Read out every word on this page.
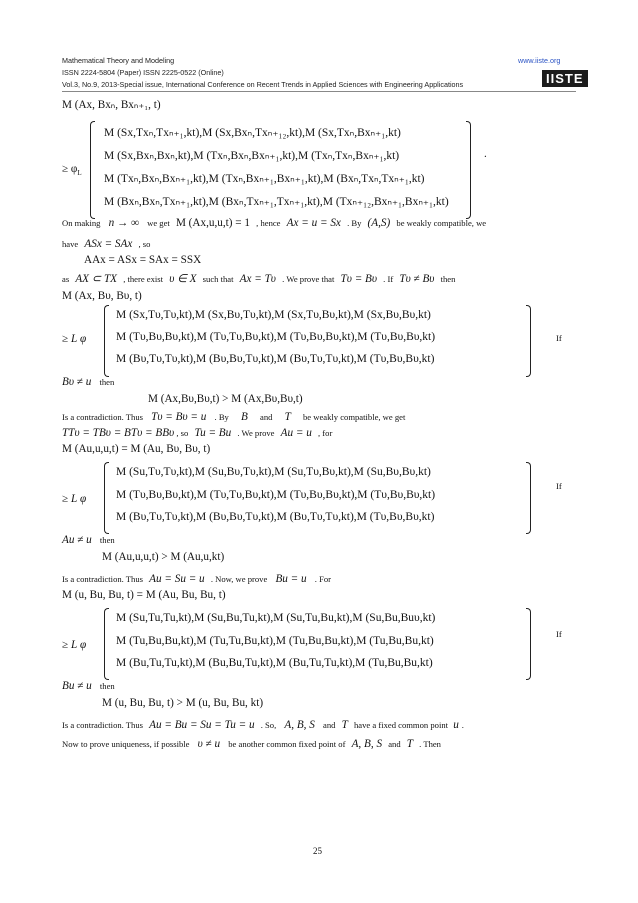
Mathematical Theory and Modeling	www.iiste.org
ISSN 2224-5804 (Paper) ISSN 2225-0522 (Online)
Vol.3, No.9, 2013-Special issue, International Conference on Recent Trends in Applied Sciences with Engineering Applications	IISTE
M (Ax, Bxₙ, Bxₙ₊₁, t)
≥ $\varphi_L$
M (Sx,Txₙ,Txₙ₊₁,kt),M (Sx,Bxₙ,Txₙ₊₁₂,kt),M (Sx,Txₙ,Bxₙ₊₁,kt)
M (Sx,Bxₙ,Bxₙ,kt),M (Txₙ,Bxₙ,Bxₙ₊₁,kt),M (Txₙ,Txₙ,Bxₙ₊₁,kt)
M (Txₙ,Bxₙ,Bxₙ₊₁,kt),M (Txₙ,Bxₙ₊₁,Bxₙ₊₁,kt),M (Bxₙ,Txₙ,Txₙ₊₁,kt)
M (Bxₙ,Bxₙ,Txₙ₊₁,kt),M (Bxₙ,Txₙ₊₁,Txₙ₊₁,kt),M (Txₙ₊₁₂,Bxₙ₊₁,Bxₙ₊₁,kt)
.
On making n → ∞ we get M (Ax,u,u,t) = 1 , hence Ax = u = Sx . By (A,S) be weakly compatible, we
have ASx = SAx , so
AAx = ASx = SAx = SSX
as AX ⊂ TX , there exist υ ∈ X such that Ax = Tυ . We prove that Tυ = Bυ . If Tυ ≠ Bυ then
M (Ax, Bυ, Bυ, t)
≥ L φ
M (Sx,Tυ,Tυ,kt),M (Sx,Bυ,Tυ,kt),M (Sx,Tυ,Bυ,kt),M (Sx,Bυ,Bυ,kt)
M (Tυ,Bυ,Bυ,kt),M (Tυ,Tυ,Bυ,kt),M (Tυ,Bυ,Bυ,kt),M (Tυ,Bυ,Bυ,kt)
M (Bυ,Tυ,Tυ,kt),M (Bυ,Bυ,Tυ,kt),M (Bυ,Tυ,Tυ,kt),M (Tυ,Bυ,Bυ,kt)
If
Bυ ≠ u then
M (Ax,Bυ,Bυ,t) > M (Ax,Bυ,Bυ,t)
Is a contradiction. Thus Tυ = Bυ = u . By B and T be weakly compatible, we get
TTυ = TBυ = BTυ = BBυ , so Tu = Bu . We prove Au = u , for
M (Au,u,u,t) = M (Au, Bυ, Bυ, t)
≥ L φ
M (Su,Tυ,Tυ,kt),M (Su,Bυ,Tυ,kt),M (Su,Tυ,Bυ,kt),M (Su,Bυ,Bυ,kt)
M (Tυ,Bυ,Bυ,kt),M (Tυ,Tυ,Bυ,kt),M (Tυ,Bυ,Bυ,kt),M (Tυ,Bυ,Bυ,kt)
M (Bυ,Tυ,Tυ,kt),M (Bυ,Bυ,Tυ,kt),M (Bυ,Tυ,Tυ,kt),M (Tυ,Bυ,Bυ,kt)
If
Au ≠ u then
M (Au,u,u,t) > M (Au,u,kt)
Is a contradiction. Thus Au = Su = u . Now, we prove Bu = u . For
M (u, Bu, Bu, t) = M (Au, Bu, Bu, t)
≥ L φ
M (Su,Tu,Tu,kt),M (Su,Bu,Tu,kt),M (Su,Tu,Bu,kt),M (Su,Bu,Buυ,kt)
M (Tu,Bu,Bu,kt),M (Tu,Tu,Bu,kt),M (Tu,Bu,Bu,kt),M (Tu,Bu,Bu,kt)
M (Bu,Tu,Tu,kt),M (Bu,Bu,Tu,kt),M (Bu,Tu,Tu,kt),M (Tu,Bu,Bu,kt)
If
Bu ≠ u then
M (u, Bu, Bu, t) > M (u, Bu, Bu, kt)
Is a contradiction. Thus Au = Bu = Su = Tu = u . So, A, B, S and T have a fixed common point u .
Now to prove uniqueness, if possible υ ≠ u be another common fixed point of A, B, S and T . Then
25
